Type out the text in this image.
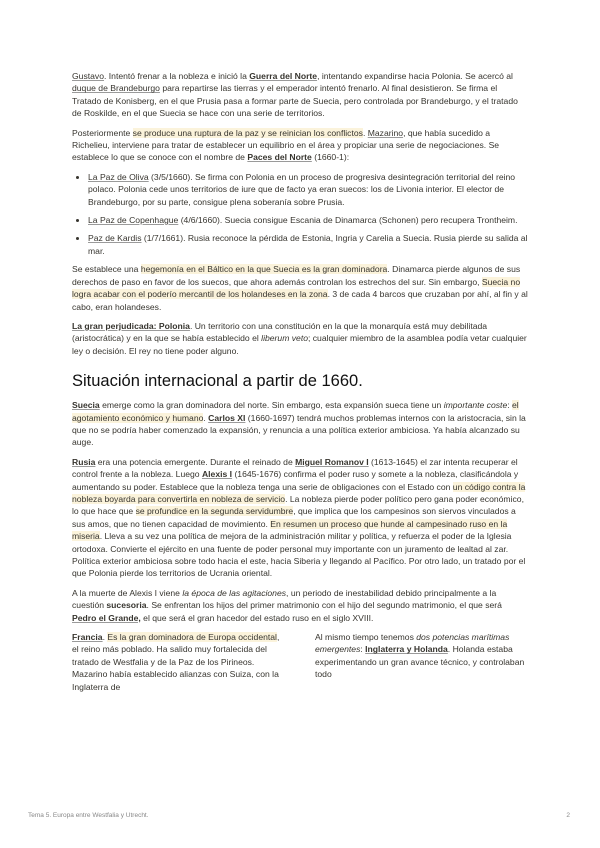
Gustavo. Intentó frenar a la nobleza e inició la Guerra del Norte, intentando expandirse hacia Polonia. Se acercó al duque de Brandeburgo para repartirse las tierras y el emperador intentó frenarlo. Al final desistieron. Se firma el Tratado de Konisberg, en el que Prusia pasa a formar parte de Suecia, pero controlada por Brandeburgo, y el tratado de Roskilde, en el que Suecia se hace con una serie de territorios.

Posteriormente se produce una ruptura de la paz y se reinician los conflictos. Mazarino, que había sucedido a Richelieu, interviene para tratar de establecer un equilibrio en el área y propiciar una serie de negociaciones. Se establece lo que se conoce con el nombre de Paces del Norte (1660-1):

• La Paz de Oliva (3/5/1660). Se firma con Polonia en un proceso de progresiva desintegración territorial del reino polaco. Polonia cede unos territorios de iure que de facto ya eran suecos: los de Livonia interior. El elector de Brandeburgo, por su parte, consigue plena soberanía sobre Prusia.
• La Paz de Copenhague (4/6/1660). Suecia consigue Escania de Dinamarca (Schonen) pero recupera Trontheim.
• Paz de Kardis (1/7/1661). Rusia reconoce la pérdida de Estonia, Ingria y Carelia a Suecia. Rusia pierde su salida al mar.

Se establece una hegemonía en el Báltico en la que Suecia es la gran dominadora. Dinamarca pierde algunos de sus derechos de paso en favor de los suecos, que ahora además controlan los estrechos del sur. Sin embargo, Suecia no logra acabar con el poderío mercantil de los holandeses en la zona. 3 de cada 4 barcos que cruzaban por ahí, al fin y al cabo, eran holandeses.

La gran perjudicada: Polonia. Un territorio con una constitución en la que la monarquía está muy debilitada (aristocrática) y en la que se había establecido el liberum veto; cualquier miembro de la asamblea podía vetar cualquier ley o decisión. El rey no tiene poder alguno.

Situación internacional a partir de 1660.

Suecia emerge como la gran dominadora del norte. Sin embargo, esta expansión sueca tiene un importante coste: el agotamiento económico y humano. Carlos XI (1660-1697) tendrá muchos problemas internos con la aristocracia, sin la que no se podría haber comenzado la expansión, y renuncia a una política exterior ambiciosa. Ya había alcanzado su auge.

Rusia era una potencia emergente. Durante el reinado de Miguel Romanov I (1613-1645) el zar intenta recuperar el control frente a la nobleza. Luego Alexis I (1645-1676) confirma el poder ruso y somete a la nobleza, clasificándola y aumentando su poder. Establece que la nobleza tenga una serie de obligaciones con el Estado con un código contra la nobleza boyarda para convertirla en nobleza de servicio. La nobleza pierde poder político pero gana poder económico, lo que hace que se profundice en la segunda servidumbre, que implica que los campesinos son siervos vinculados a sus amos, que no tienen capacidad de movimiento. En resumen un proceso que hunde al campesinado ruso en la miseria. Lleva a su vez una política de mejora de la administración militar y política, y refuerza el poder de la Iglesia ortodoxa. Convierte el ejército en una fuente de poder personal muy importante con un juramento de lealtad al zar. Política exterior ambiciosa sobre todo hacia el este, hacia Siberia y llegando al Pacífico. Por otro lado, un tratado por el que Polonia pierde los territorios de Ucrania oriental.

A la muerte de Alexis I viene la época de las agitaciones, un periodo de inestabilidad debido principalmente a la cuestión sucesoria. Se enfrentan los hijos del primer matrimonio con el hijo del segundo matrimonio, el que será Pedro el Grande, el que será el gran hacedor del estado ruso en el siglo XVIII.

Francia. Es la gran dominadora de Europa occidental, el reino más poblado. Ha salido muy fortalecida del tratado de Westfalia y de la Paz de los Pirineos. Mazarino había establecido alianzas con Suiza, con la Inglaterra de

Al mismo tiempo tenemos dos potencias marítimas emergentes: Inglaterra y Holanda. Holanda estaba experimentando un gran avance técnico, y controlaban todo

Tema 5. Europa entre Westfalia y Utrecht.	2
